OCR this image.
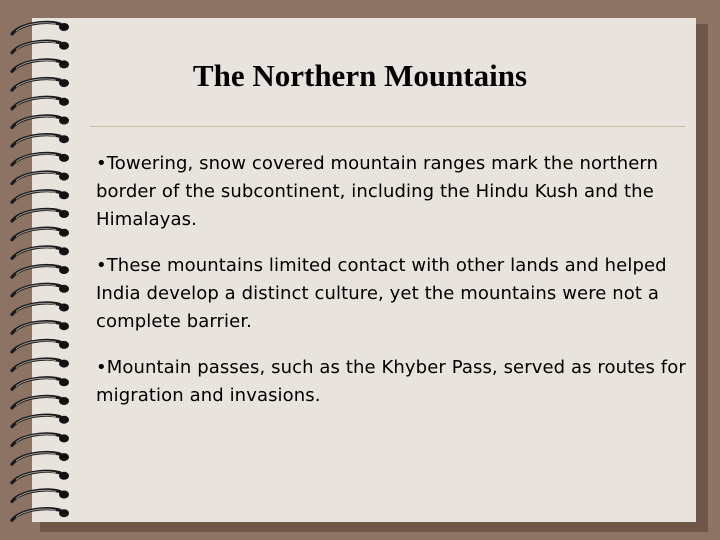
The Northern Mountains

•Towering, snow covered mountain ranges mark the northern border of the subcontinent, including the Hindu Kush and the Himalayas.

•These mountains limited contact with other lands and helped India develop a distinct culture, yet the mountains were not a complete barrier.

•Mountain passes, such as the Khyber Pass, served as routes for migration and invasions.
